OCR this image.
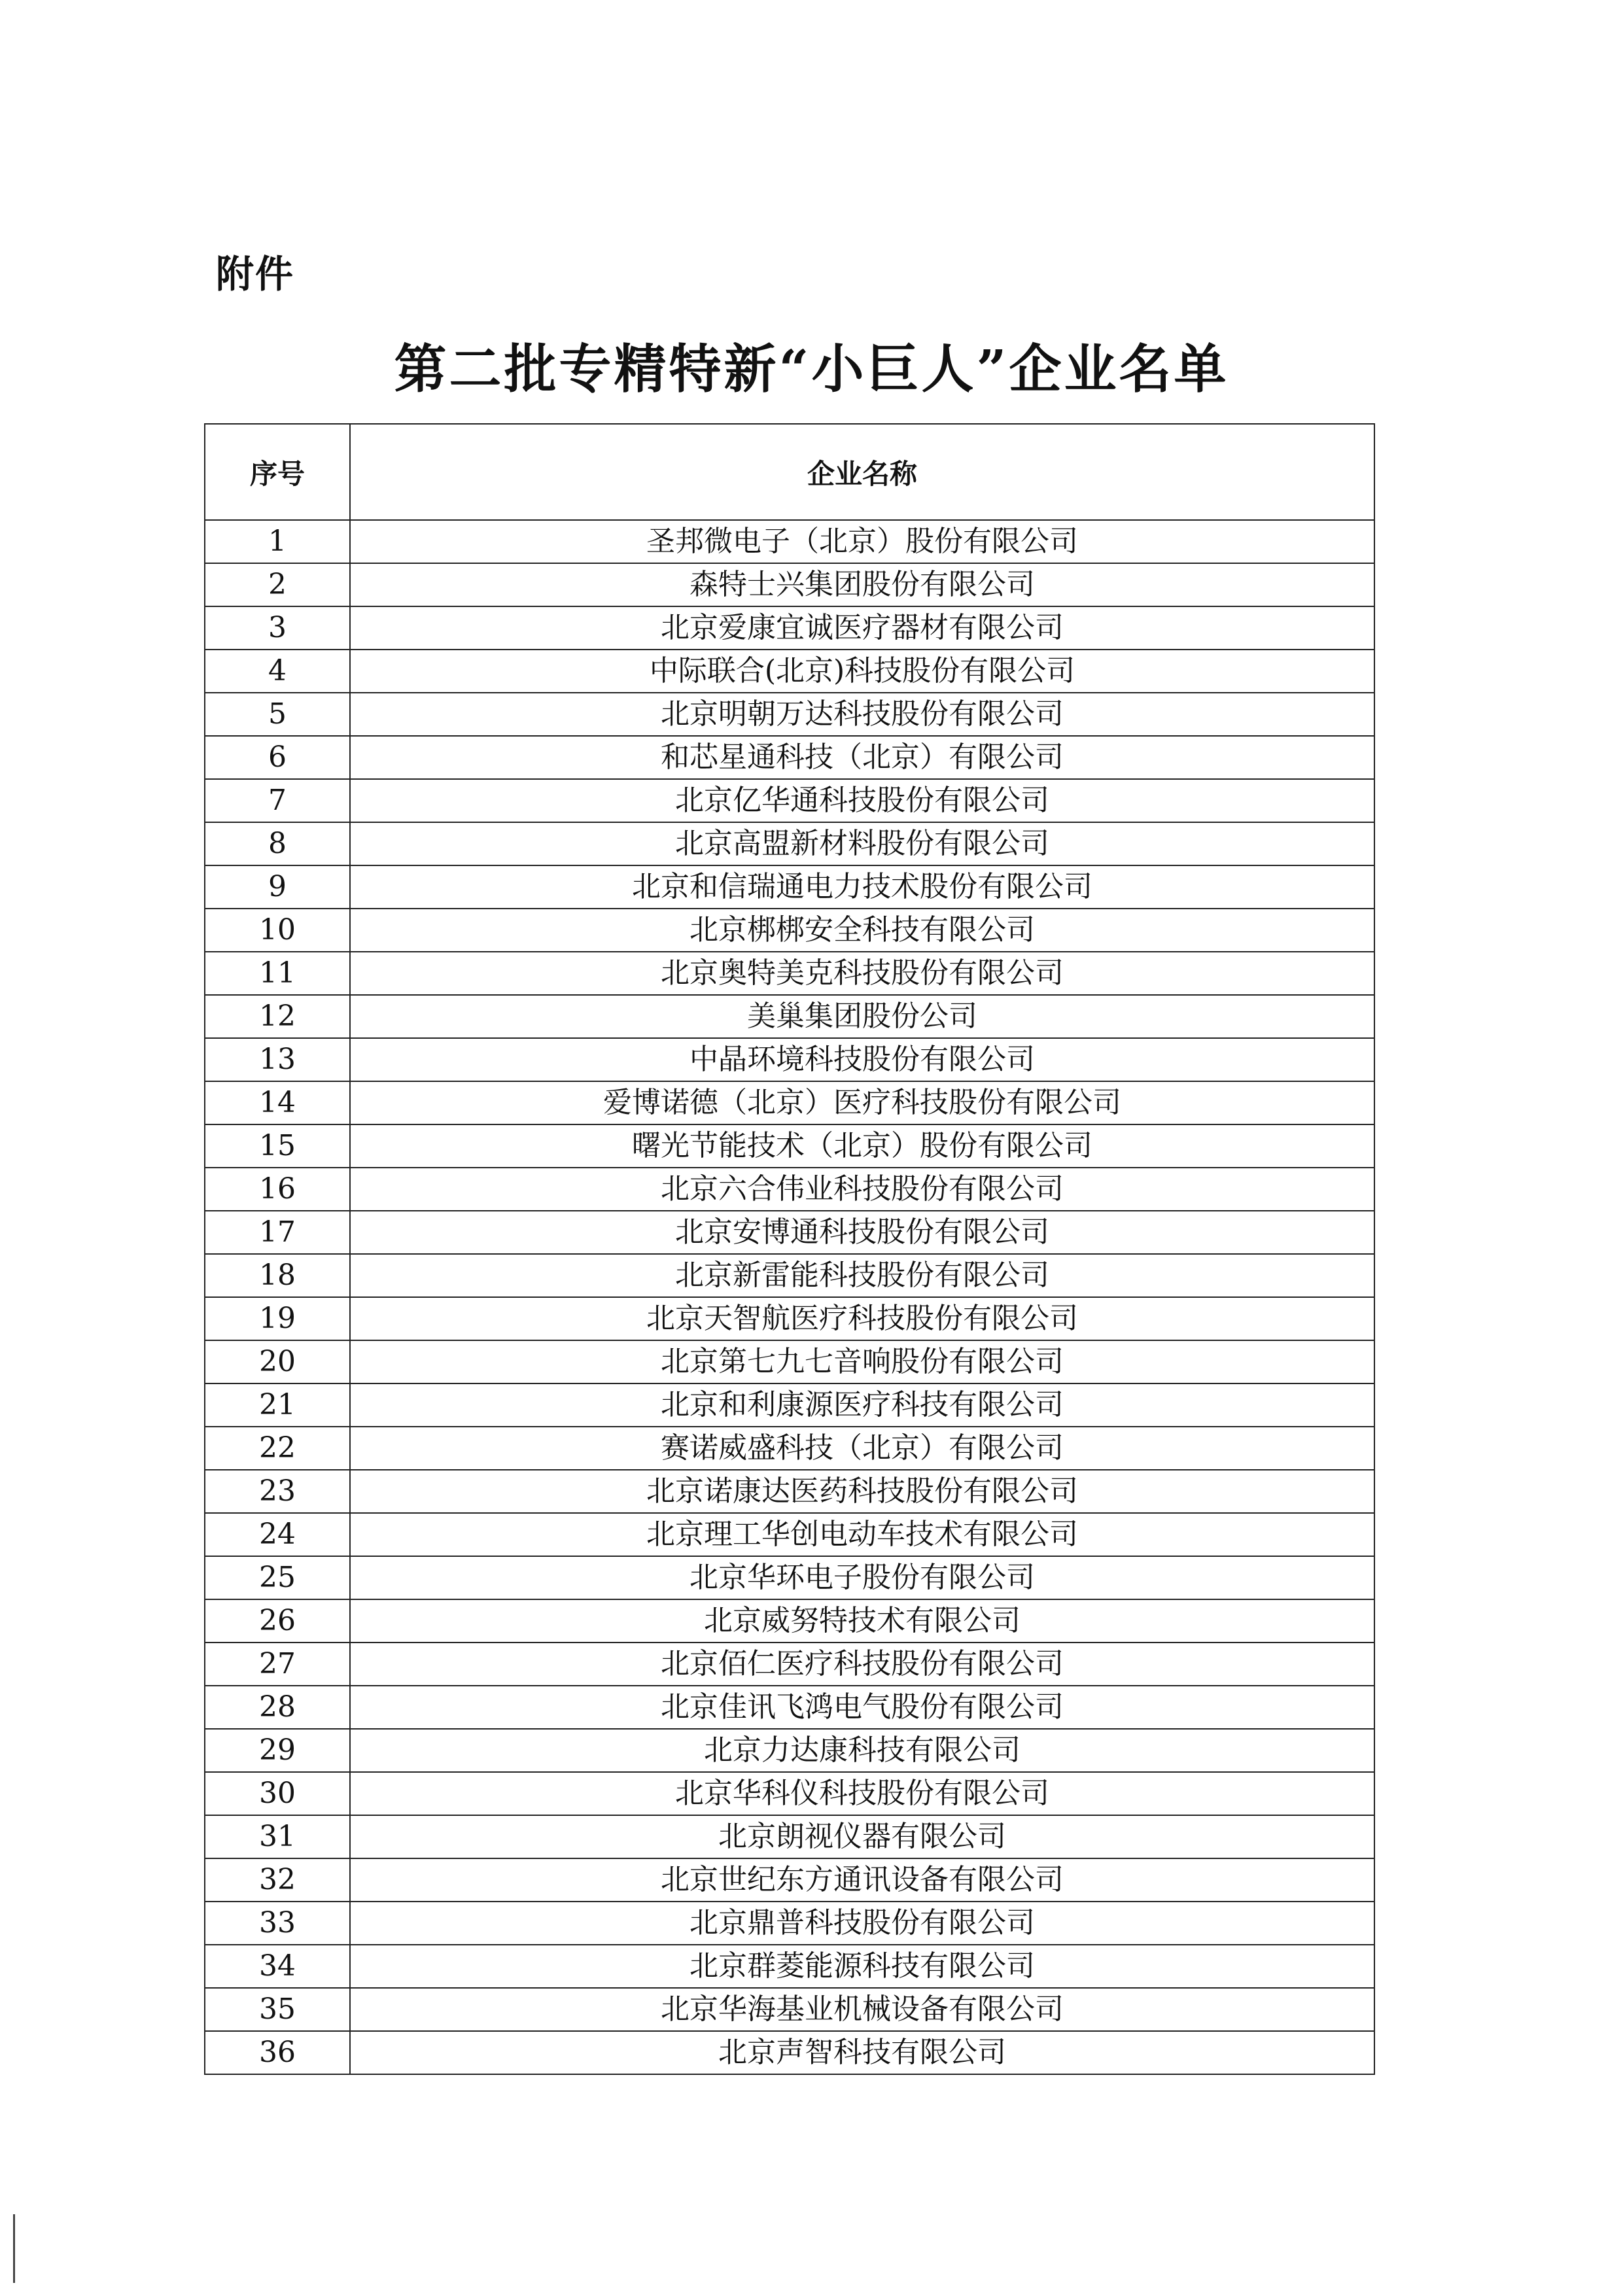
附件
第二批专精特新“小巨人”企业名单
序号	企业名称
1	圣邦微电子（北京）股份有限公司
2	森特士兴集团股份有限公司
3	北京爱康宜诚医疗器材有限公司
4	中际联合(北京)科技股份有限公司
5	北京明朝万达科技股份有限公司
6	和芯星通科技（北京）有限公司
7	北京亿华通科技股份有限公司
8	北京高盟新材料股份有限公司
9	北京和信瑞通电力技术股份有限公司
10	北京梆梆安全科技有限公司
11	北京奥特美克科技股份有限公司
12	美巢集团股份公司
13	中晶环境科技股份有限公司
14	爱博诺德（北京）医疗科技股份有限公司
15	曙光节能技术（北京）股份有限公司
16	北京六合伟业科技股份有限公司
17	北京安博通科技股份有限公司
18	北京新雷能科技股份有限公司
19	北京天智航医疗科技股份有限公司
20	北京第七九七音响股份有限公司
21	北京和利康源医疗科技有限公司
22	赛诺威盛科技（北京）有限公司
23	北京诺康达医药科技股份有限公司
24	北京理工华创电动车技术有限公司
25	北京华环电子股份有限公司
26	北京威努特技术有限公司
27	北京佰仁医疗科技股份有限公司
28	北京佳讯飞鸿电气股份有限公司
29	北京力达康科技有限公司
30	北京华科仪科技股份有限公司
31	北京朗视仪器有限公司
32	北京世纪东方通讯设备有限公司
33	北京鼎普科技股份有限公司
34	北京群菱能源科技有限公司
35	北京华海基业机械设备有限公司
36	北京声智科技有限公司
